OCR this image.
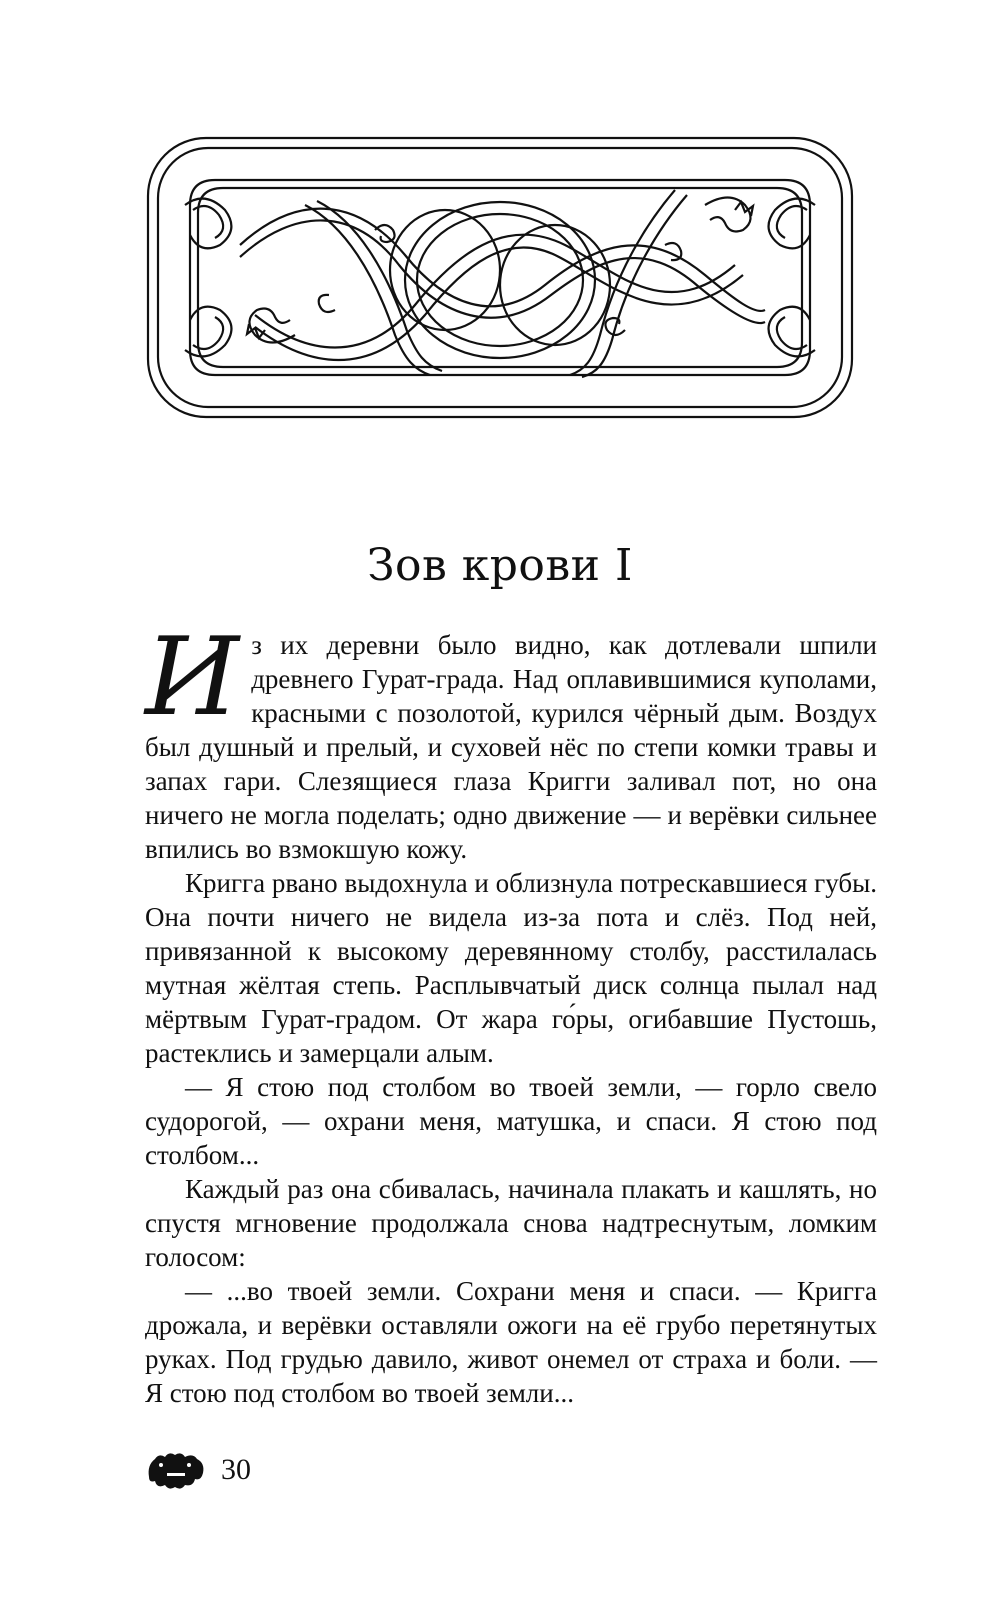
Зов крови I

Из их деревни было видно, как дотлевали шпили древнего Гурат-града. Над оплавившимися куполами, красными с позолотой, курился чёрный дым. Воздух был душный и прелый, и суховей нёс по степи комки травы и запах гари. Слезящиеся глаза Кригги заливал пот, но она ничего не могла поделать; одно движение — и верёвки сильнее впились во взмокшую кожу.

Кригга рвано выдохнула и облизнула потрескавшиеся губы. Она почти ничего не видела из-за пота и слёз. Под ней, привязанной к высокому деревянному столбу, расстилалась мутная жёлтая степь. Расплывчатый диск солнца пылал над мёртвым Гурат-градом. От жара го́ры, огибавшие Пустошь, растеклись и замерцали алым.

— Я стою под столбом во твоей земли, — горло свело судорогой, — охрани меня, матушка, и спаси. Я стою под столбом...

Каждый раз она сбивалась, начинала плакать и кашлять, но спустя мгновение продолжала снова надтреснутым, ломким голосом:

— ...во твоей земли. Сохрани меня и спаси. — Кригга дрожала, и верёвки оставляли ожоги на её грубо перетянутых руках. Под грудью давило, живот онемел от страха и боли. — Я стою под столбом во твоей земли...

30
